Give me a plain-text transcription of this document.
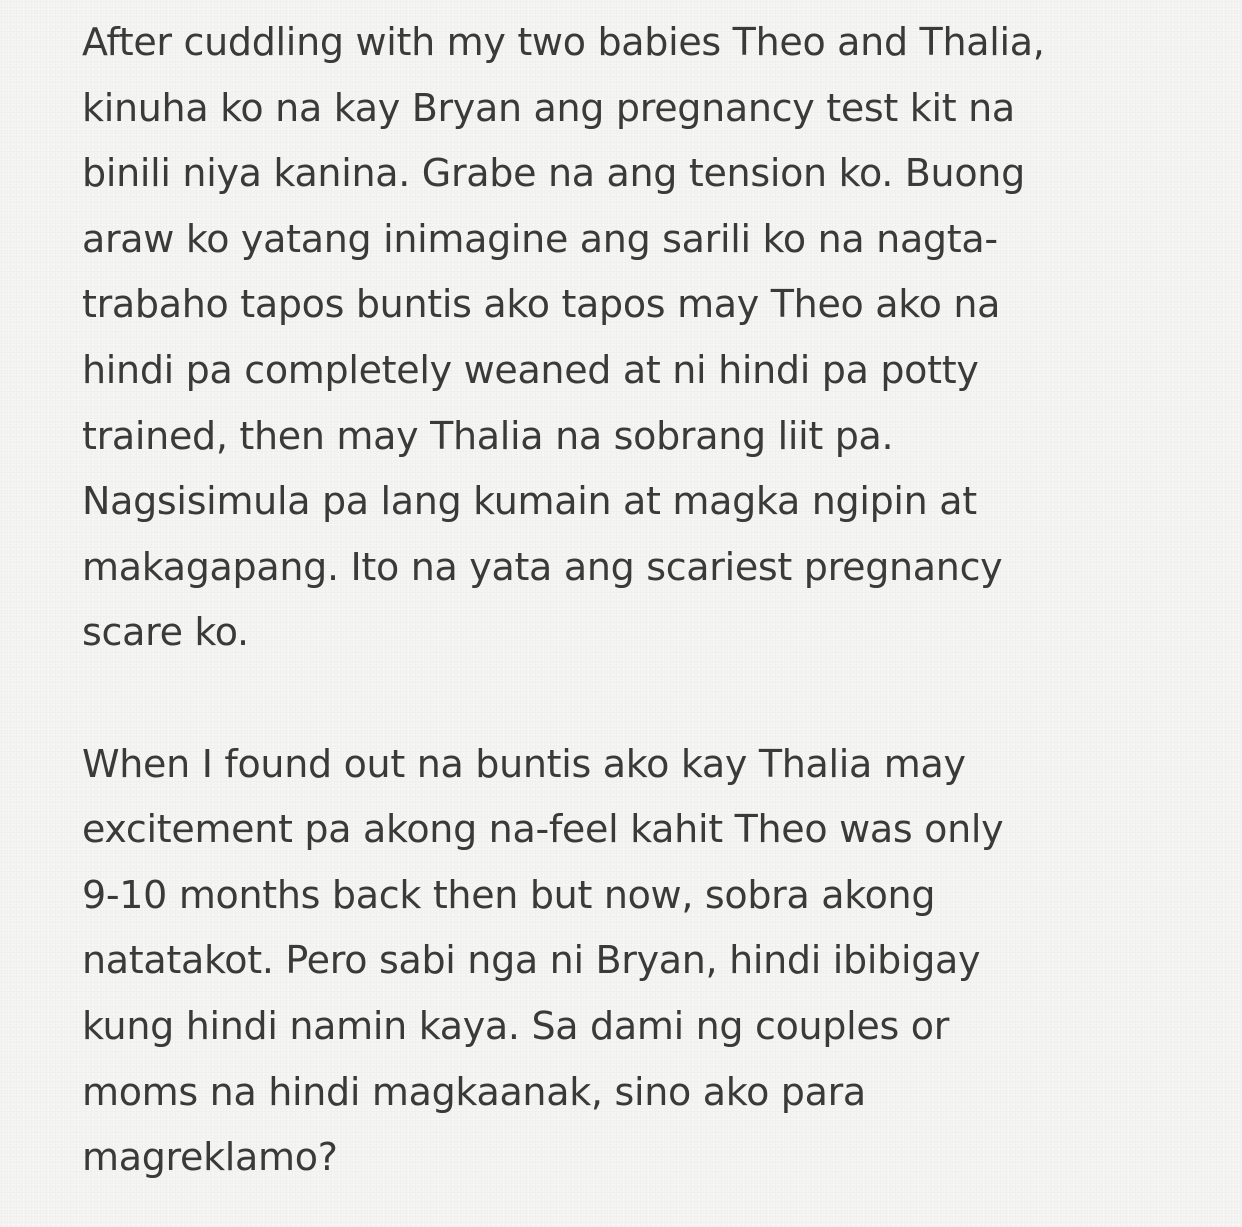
After cuddling with my two babies Theo and Thalia,
kinuha ko na kay Bryan ang pregnancy test kit na
binili niya kanina. Grabe na ang tension ko. Buong
araw ko yatang inimagine ang sarili ko na nagta-
trabaho tapos buntis ako tapos may Theo ako na
hindi pa completely weaned at ni hindi pa potty
trained, then may Thalia na sobrang liit pa.
Nagsisimula pa lang kumain at magka ngipin at
makagapang. Ito na yata ang scariest pregnancy
scare ko.
When I found out na buntis ako kay Thalia may
excitement pa akong na-feel kahit Theo was only
9-10 months back then but now, sobra akong
natatakot. Pero sabi nga ni Bryan, hindi ibibigay
kung hindi namin kaya. Sa dami ng couples or
moms na hindi magkaanak, sino ako para
magreklamo?
